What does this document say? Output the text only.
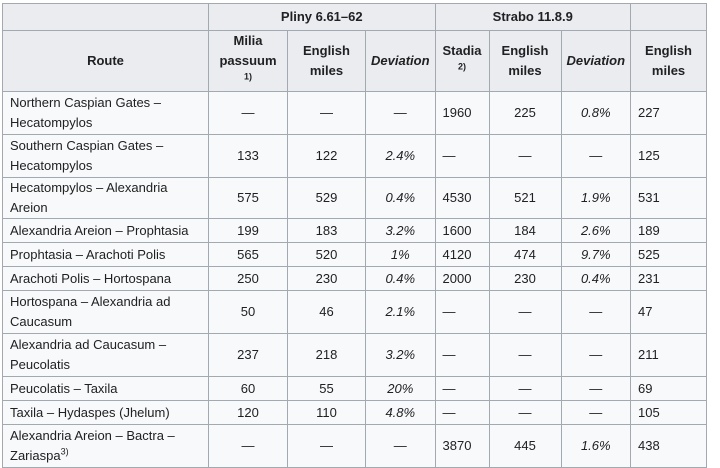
	Pliny 6.61–62			Strabo 11.8.9			
Route	Milia passuum $^{1)}$	English miles	Deviation	Stadia $^{2)}$	English miles	Deviation	English miles
Northern Caspian Gates – Hecatompylos	—	—	—	1960	225	0.8%	227
Southern Caspian Gates – Hecatompylos	133	122	2.4%	—	—	—	125
Hecatompylos – Alexandria Areion	575	529	0.4%	4530	521	1.9%	531
Alexandria Areion – Prophtasia	199	183	3.2%	1600	184	2.6%	189
Prophtasia – Arachoti Polis	565	520	1%	4120	474	9.7%	525
Arachoti Polis – Hortospana	250	230	0.4%	2000	230	0.4%	231
Hortospana – Alexandria ad Caucasum	50	46	2.1%	—	—	—	47
Alexandria ad Caucasum – Peucolatis	237	218	3.2%	—	—	—	211
Peucolatis – Taxila	60	55	20%	—	—	—	69
Taxila – Hydaspes (Jhelum)	120	110	4.8%	—	—	—	105
Alexandria Areion – Bactra – Zariaspa$^{3)}$	—	—	—	3870	445	1.6%	438
